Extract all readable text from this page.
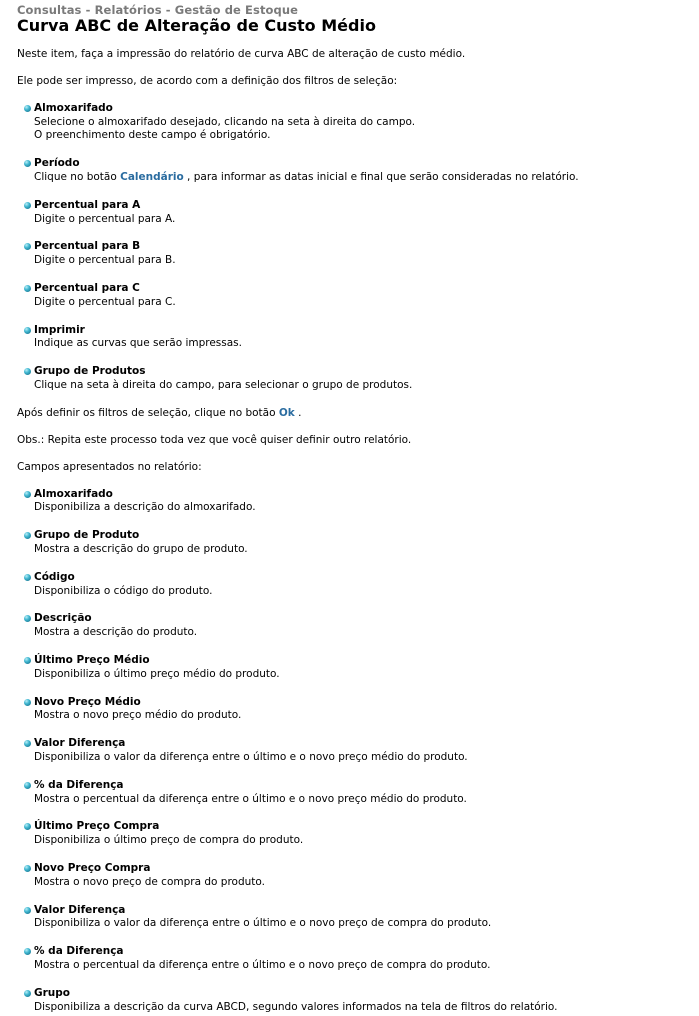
Consultas - Relatórios - Gestão de Estoque
Curva ABC de Alteração de Custo Médio

Neste item, faça a impressão do relatório de curva ABC de alteração de custo médio.

Ele pode ser impresso, de acordo com a definição dos filtros de seleção:

Almoxarifado
Selecione o almoxarifado desejado, clicando na seta à direita do campo.
O preenchimento deste campo é obrigatório.
Período
Clique no botão Calendário , para informar as datas inicial e final que serão consideradas no relatório.
Percentual para A
Digite o percentual para A.
Percentual para B
Digite o percentual para B.
Percentual para C
Digite o percentual para C.
Imprimir
Indique as curvas que serão impressas.
Grupo de Produtos
Clique na seta à direita do campo, para selecionar o grupo de produtos.

Após definir os filtros de seleção, clique no botão Ok .

Obs.: Repita este processo toda vez que você quiser definir outro relatório.

Campos apresentados no relatório:

Almoxarifado
Disponibiliza a descrição do almoxarifado.
Grupo de Produto
Mostra a descrição do grupo de produto.
Código
Disponibiliza o código do produto.
Descrição
Mostra a descrição do produto.
Último Preço Médio
Disponibiliza o último preço médio do produto.
Novo Preço Médio
Mostra o novo preço médio do produto.
Valor Diferença
Disponibiliza o valor da diferença entre o último e o novo preço médio do produto.
% da Diferença
Mostra o percentual da diferença entre o último e o novo preço médio do produto.
Último Preço Compra
Disponibiliza o último preço de compra do produto.
Novo Preço Compra
Mostra o novo preço de compra do produto.
Valor Diferença
Disponibiliza o valor da diferença entre o último e o novo preço de compra do produto.
% da Diferença
Mostra o percentual da diferença entre o último e o novo preço de compra do produto.
Grupo
Disponibiliza a descrição da curva ABCD, segundo valores informados na tela de filtros do relatório.
